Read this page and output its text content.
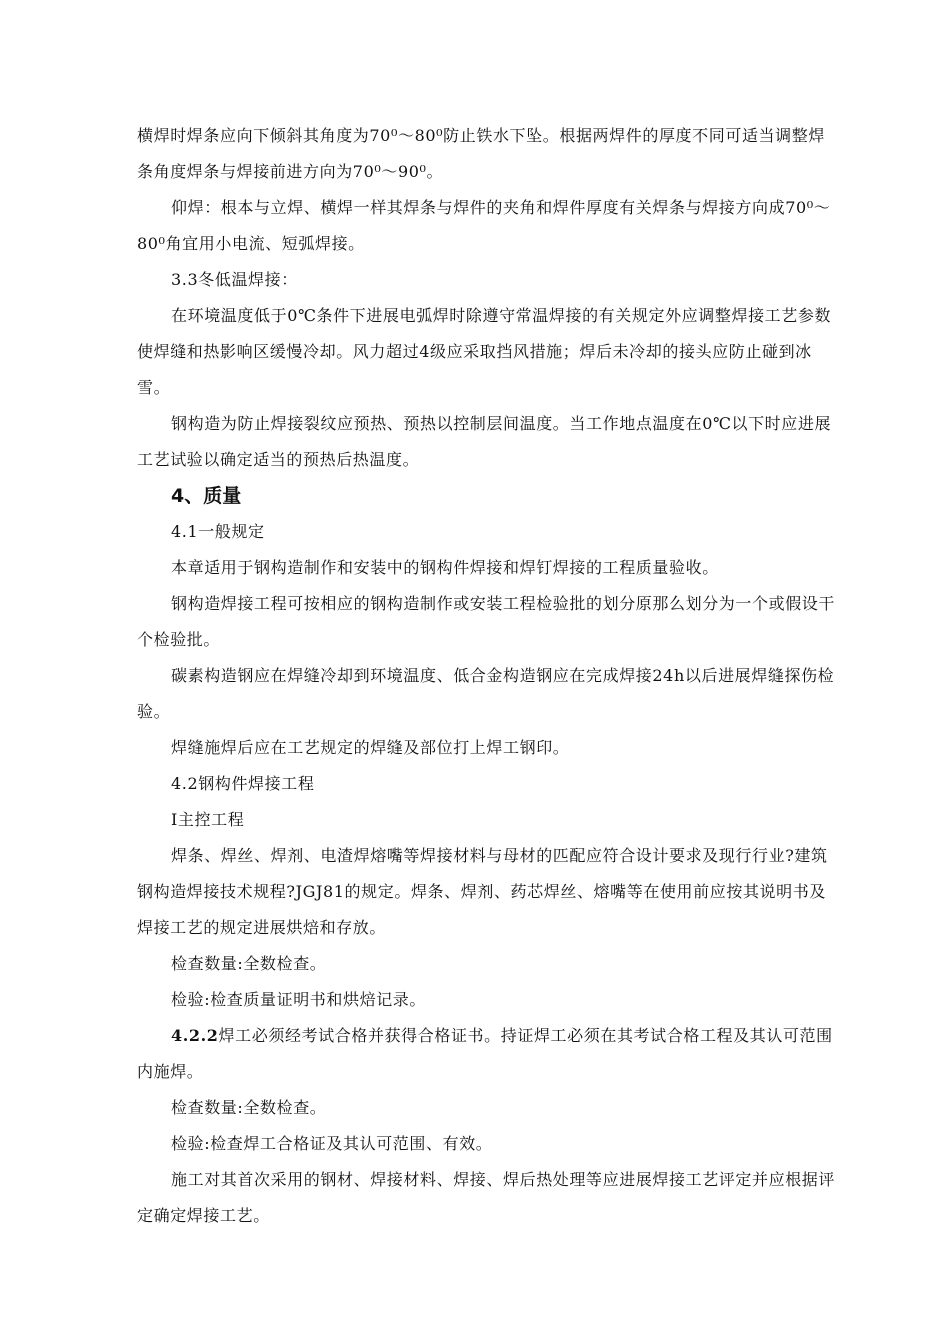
横焊时焊条应向下倾斜其角度为70⁰～80⁰防止铁水下坠。根据两焊件的厚度不同可适当调整焊条角度焊条与焊接前进方向为70⁰～90⁰。

仰焊：根本与立焊、横焊一样其焊条与焊件的夹角和焊件厚度有关焊条与焊接方向成70⁰～80⁰角宜用小电流、短弧焊接。

3.3冬低温焊接：

在环境温度低于0℃条件下进展电弧焊时除遵守常温焊接的有关规定外应调整焊接工艺参数使焊缝和热影响区缓慢冷却。风力超过4级应采取挡风措施；焊后未冷却的接头应防止碰到冰雪。

钢构造为防止焊接裂纹应预热、预热以控制层间温度。当工作地点温度在0℃以下时应进展工艺试验以确定适当的预热后热温度。

4、质量

4.1一般规定

本章适用于钢构造制作和安装中的钢构件焊接和焊钉焊接的工程质量验收。

钢构造焊接工程可按相应的钢构造制作或安装工程检验批的划分原那么划分为一个或假设干个检验批。

碳素构造钢应在焊缝冷却到环境温度、低合金构造钢应在完成焊接24h以后进展焊缝探伤检验。

焊缝施焊后应在工艺规定的焊缝及部位打上焊工钢印。

4.2钢构件焊接工程

I主控工程

焊条、焊丝、焊剂、电渣焊熔嘴等焊接材料与母材的匹配应符合设计要求及现行行业?建筑钢构造焊接技术规程?JGJ81的规定。焊条、焊剂、药芯焊丝、熔嘴等在使用前应按其说明书及焊接工艺的规定进展烘焙和存放。

检查数量:全数检查。

检验:检查质量证明书和烘焙记录。

4.2.2焊工必须经考试合格并获得合格证书。持证焊工必须在其考试合格工程及其认可范围内施焊。

检查数量:全数检查。

检验:检查焊工合格证及其认可范围、有效。

施工对其首次采用的钢材、焊接材料、焊接、焊后热处理等应进展焊接工艺评定并应根据评定确定焊接工艺。
